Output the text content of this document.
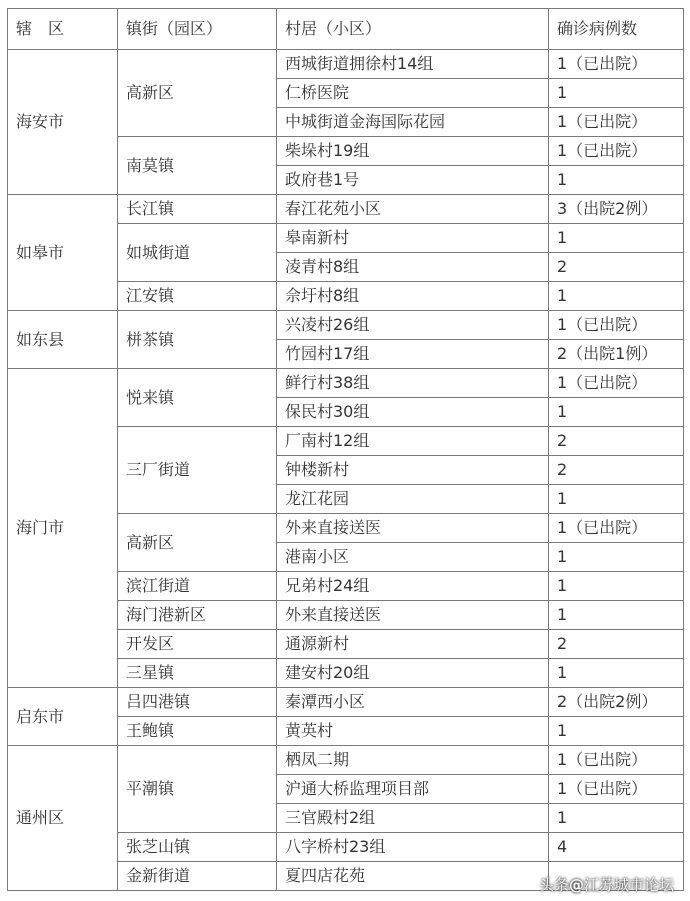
辖　区	镇街（园区）	村居（小区）	确诊病例数
海安市	高新区	西城街道拥徐村14组	1（已出院）
		仁桥医院	1
		中城街道金海国际花园	1（已出院）
	南莫镇	柴垛村19组	1（已出院）
		政府巷1号	1
如皋市	长江镇	春江花苑小区	3（出院2例）
	如城街道	皋南新村	1
		凌青村8组	2
	江安镇	佘圩村8组	1
如东县	栟茶镇	兴凌村26组	1（已出院）
		竹园村17组	2（出院1例）
海门市	悦来镇	鲜行村38组	1（已出院）
		保民村30组	1
	三厂街道	厂南村12组	2
		钟楼新村	2
		龙江花园	1
	高新区	外来直接送医	1（已出院）
		港南小区	1
	滨江街道	兄弟村24组	1
	海门港新区	外来直接送医	1
	开发区	通源新村	2
	三星镇	建安村20组	1
启东市	吕四港镇	秦潭西小区	2（出院2例）
	王鲍镇	黄英村	1
通州区	平潮镇	栖凤二期	1（已出院）
		沪通大桥监理项目部	1（已出院）
		三官殿村2组	1
	张芝山镇	八字桥村23组	4
	金新街道	夏四店花苑		头条@江苏城市论坛
